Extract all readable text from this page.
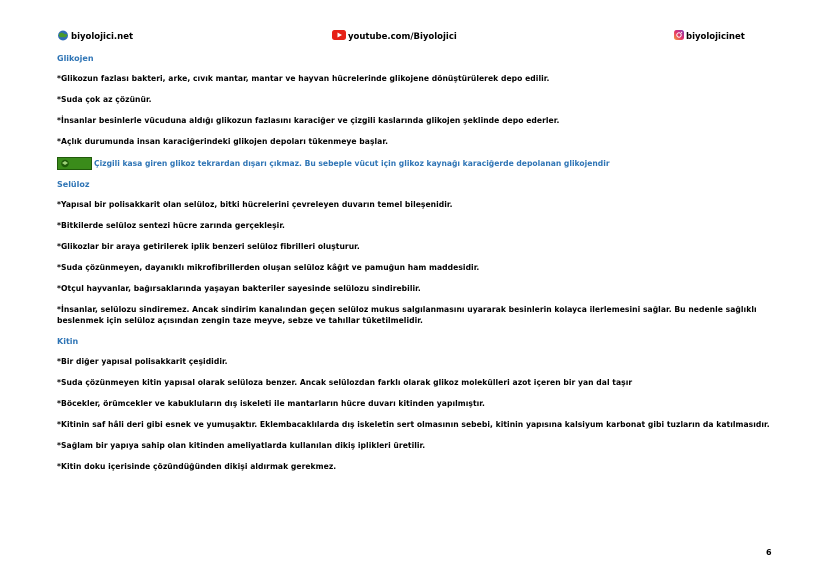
biyolojici.net	youtube.com/Biyolojici	biyolojicinet
Glikojen
*Glikozun fazlası bakteri, arke, cıvık mantar, mantar ve hayvan hücrelerinde glikojene dönüştürülerek depo edilir.
*Suda çok az çözünür.
*İnsanlar besinlerle vücuduna aldığı glikozun fazlasını karaciğer ve çizgili kaslarında glikojen şeklinde depo ederler.
*Açlık durumunda insan karaciğerindeki glikojen depoları tükenmeye başlar.
Çizgili kasa giren glikoz tekrardan dışarı çıkmaz. Bu sebeple vücut için glikoz kaynağı karaciğerde depolanan glikojendir
Selüloz
*Yapısal bir polisakkarit olan selüloz, bitki hücrelerini çevreleyen duvarın temel bileşenidir.
*Bitkilerde selüloz sentezi hücre zarında gerçekleşir.
*Glikozlar bir araya getirilerek iplik benzeri selüloz fibrilleri oluşturur.
*Suda çözünmeyen, dayanıklı mikrofibrillerden oluşan selüloz kâğıt ve pamuğun ham maddesidir.
*Otçul hayvanlar, bağırsaklarında yaşayan bakteriler sayesinde selülozu sindirebilir.
*İnsanlar, selülozu sindiremez. Ancak sindirim kanalından geçen selüloz mukus salgılanmasını uyararak besinlerin kolayca ilerlemesini sağlar. Bu nedenle sağlıklı beslenmek için selüloz açısından zengin taze meyve, sebze ve tahıllar tüketilmelidir.
Kitin
*Bir diğer yapısal polisakkarit çeşididir.
*Suda çözünmeyen kitin yapısal olarak selülozа benzer. Ancak selülozdan farklı olarak glikoz molekülleri azot içeren bir yan dal taşır
*Böcekler, örümcekler ve kabukluların dış iskeleti ile mantarların hücre duvarı kitinden yapılmıştır.
*Kitinin saf hâli deri gibi esnek ve yumuşaktır. Eklembacaklılarda dış iskeletin sert olmasının sebebi, kitinin yapısına kalsiyum karbonat gibi tuzların da katılmasıdır.
*Sağlam bir yapıya sahip olan kitinden ameliyatlarda kullanılan dikiş iplikleri üretilir.
*Kitin doku içerisinde çözündüğünden dikişi aldırmak gerekmez.
6
